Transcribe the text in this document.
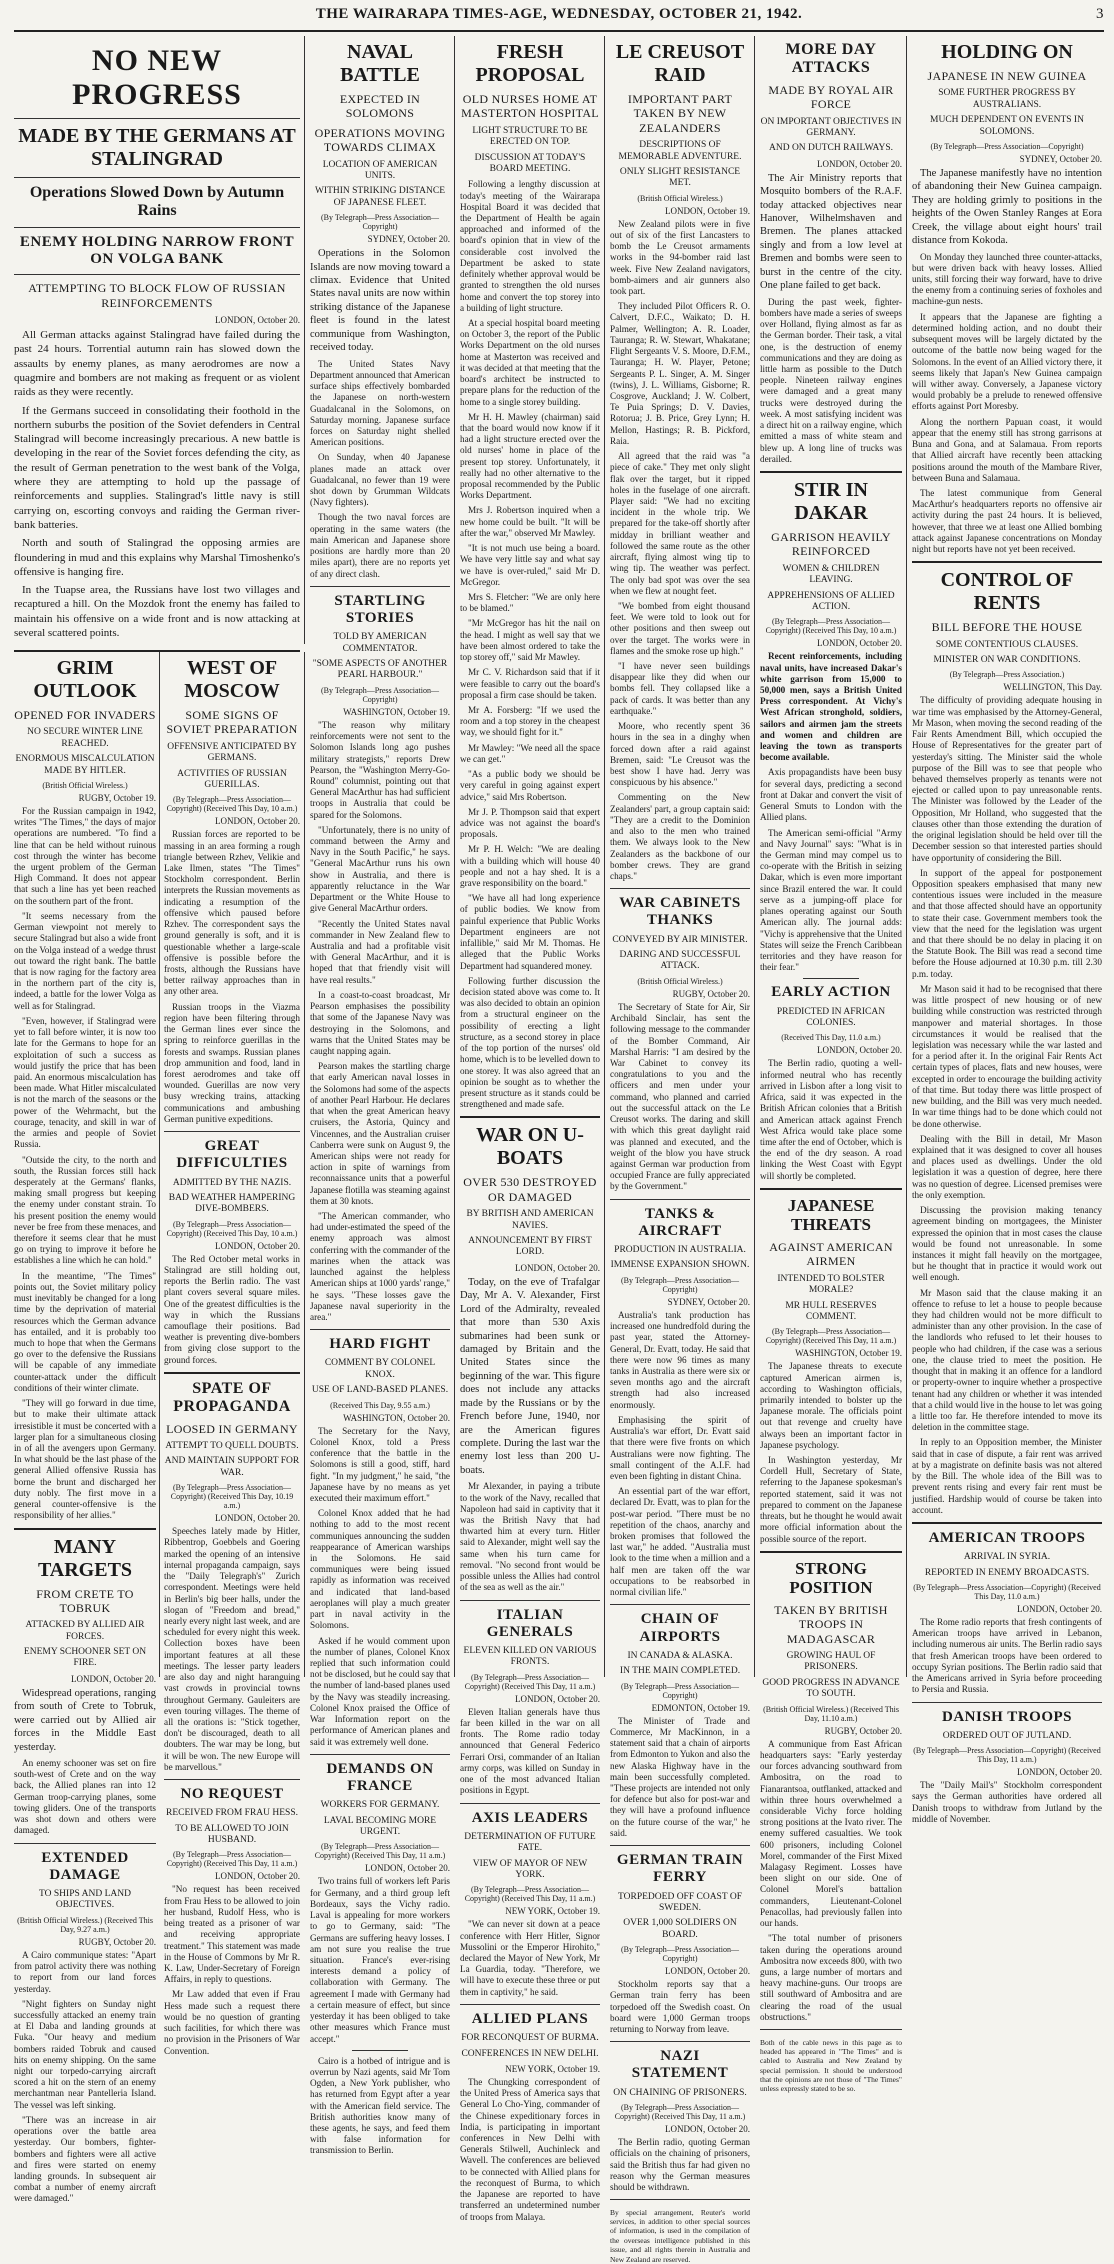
THE WAIRARAPA TIMES-AGE, WEDNESDAY, OCTOBER 21, 1942.	3
NO NEW PROGRESS
MADE BY THE GERMANS AT STALINGRAD
Operations Slowed Down by Autumn Rains
ENEMY HOLDING NARROW FRONT ON VOLGA BANK
ATTEMPTING TO BLOCK FLOW OF RUSSIAN REINFORCEMENTS
LONDON, October 20.

All German attacks against Stalingrad have failed during the past 24 hours. Torrential autumn rain has slowed down the assaults by enemy planes, as many aerodromes are now a quagmire and bombers are not making as frequent or as violent raids as they were recently.

If the Germans succeed in consolidating their foothold in the northern suburbs the position of the Soviet defenders in Central Stalingrad will become increasingly precarious. A new battle is developing in the rear of the Soviet forces defending the city, as the result of German penetration to the west bank of the Volga, where they are attempting to hold up the passage of reinforcements and supplies. Stalingrad's little navy is still carrying on, escorting convoys and raiding the German river-bank batteries.

North and south of Stalingrad the opposing armies are floundering in mud and this explains why Marshal Timoshenko's offensive is hanging fire.

In the Tuapse area, the Russians have lost two villages and recaptured a hill. On the Mozdok front the enemy has failed to maintain his offensive on a wide front and is now attacking at several scattered points.

GRIM OUTLOOK
OPENED FOR INVADERS
NO SECURE WINTER LINE REACHED.
ENORMOUS MISCALCULATION MADE BY HITLER.
(British Official Wireless.)
RUGBY, October 19.

For the Russian campaign in 1942, writes "The Times," the days of major operations are numbered. "To find a line that can be held without ruinous cost through the winter has become the urgent problem of the German High Command. It does not appear that such a line has yet been reached on the southern part of the front.

"It seems necessary from the German viewpoint not merely to secure Stalingrad but also a wide front on the Volga instead of a wedge thrust out toward the right bank. The battle that is now raging for the factory area in the northern part of the city is, indeed, a battle for the lower Volga as well as for Stalingrad.

"Even, however, if Stalingrad were yet to fall before winter, it is now too late for the Germans to hope for an exploitation of such a success as would justify the price that has been paid. An enormous miscalculation has been made. What Hitler miscalculated is not the march of the seasons or the power of the Wehrmacht, but the courage, tenacity, and skill in war of the armies and people of Soviet Russia.

"Outside the city, to the north and south, the Russian forces still hack desperately at the Germans' flanks, making small progress but keeping the enemy under constant strain. To his present position the enemy would never be free from these menaces, and therefore it seems clear that he must go on trying to improve it before he establishes a line which he can hold."

In the meantime, "The Times" points out, the Soviet military policy must inevitably be changed for a long time by the deprivation of material resources which the German advance has entailed, and it is probably too much to hope that when the Germans go over to the defensive the Russians will be capable of any immediate counter-attack under the difficult conditions of their winter climate.

"They will go forward in due time, but to make their ultimate attack irresistible it must be concerted with a larger plan for a simultaneous closing in of all the avengers upon Germany. In what should be the last phase of the general Allied offensive Russia has borne the brunt and discharged her duty nobly. The first move in a general counter-offensive is the responsibility of her allies."

MANY TARGETS
FROM CRETE TO TOBRUK
ATTACKED BY ALLIED AIR FORCES.
ENEMY SCHOONER SET ON FIRE.
LONDON, October 20.

Widespread operations, ranging from south of Crete to Tobruk, were carried out by Allied air forces in the Middle East yesterday.

An enemy schooner was set on fire south-west of Crete and on the way back, the Allied planes ran into 12 German troop-carrying planes, some towing gliders. One of the transports was shot down and others were damaged.

EXTENDED DAMAGE
TO SHIPS AND LAND OBJECTIVES.
(British Official Wireless.) (Received This Day, 9.27 a.m.)
RUGBY, October 20.

A Cairo communique states: "Apart from patrol activity there was nothing to report from our land forces yesterday.

"Night fighters on Sunday night successfully attacked an enemy train at El Daba and landing grounds at Fuka. "Our heavy and medium bombers raided Tobruk and caused hits on enemy shipping. On the same night our torpedo-carrying aircraft scored a hit on the stern of an enemy merchantman near Pantelleria Island. The vessel was left sinking.

"There was an increase in air operations over the battle area yesterday. Our bombers, fighter-bombers and fighters were all active and fires were started on enemy landing grounds. In subsequent air combat a number of enemy aircraft were damaged."

WEST OF MOSCOW
SOME SIGNS OF SOVIET PREPARATION
OFFENSIVE ANTICIPATED BY GERMANS.
ACTIVITIES OF RUSSIAN GUERILLAS.
(By Telegraph—Press Association—Copyright) (Received This Day, 10 a.m.)
LONDON, October 20.

Russian forces are reported to be massing in an area forming a rough triangle between Rzhev, Velikie and Lake Ilmen, states "The Times" Stockholm correspondent. Berlin interprets the Russian movements as indicating a resumption of the offensive which paused before Rzhev. The correspondent says the ground generally is soft, and it is questionable whether a large-scale offensive is possible before the frosts, although the Russians have better railway approaches than in any other area.

Russian troops in the Viazma region have been filtering through the German lines ever since the spring to reinforce guerillas in the forests and swamps. Russian planes drop ammunition and food, land in forest aerodromes and take off wounded. Guerillas are now very busy wrecking trains, attacking communications and ambushing German punitive expeditions.

GREAT DIFFICULTIES
ADMITTED BY THE NAZIS.
BAD WEATHER HAMPERING DIVE-BOMBERS.
(By Telegraph—Press Association—Copyright) (Received This Day, 10 a.m.)
LONDON, October 20.

The Red October metal works in Stalingrad are still holding out, reports the Berlin radio. The vast plant covers several square miles. One of the greatest difficulties is the way in which the Russians camouflage their positions. Bad weather is preventing dive-bombers from giving close support to the ground forces.

SPATE OF PROPAGANDA
LOOSED IN GERMANY
ATTEMPT TO QUELL DOUBTS.
AND MAINTAIN SUPPORT FOR WAR.
(By Telegraph—Press Association—Copyright) (Received This Day, 10.19 a.m.)
LONDON, October 20.

Speeches lately made by Hitler, Ribbentrop, Goebbels and Goering marked the opening of an intensive internal propaganda campaign, says the "Daily Telegraph's" Zurich correspondent. Meetings were held in Berlin's big beer halls, under the slogan of "Freedom and bread," nearly every night last week, and are scheduled for every night this week. Collection boxes have been important features at all these meetings. The lesser party leaders are also day and night haranguing vast crowds in provincial towns throughout Germany. Gauleiters are even touring villages. The theme of all the orations is: "Stick together, don't be discouraged, death to all doubters. The war may be long, but it will be won. The new Europe will be marvellous."

NO REQUEST
RECEIVED FROM FRAU HESS.
TO BE ALLOWED TO JOIN HUSBAND.
(By Telegraph—Press Association—Copyright) (Received This Day, 11 a.m.)
LONDON, October 20.

"No request has been received from Frau Hess to be allowed to join her husband, Rudolf Hess, who is being treated as a prisoner of war and receiving appropriate treatment." This statement was made in the House of Commons by Mr R. K. Law, Under-Secretary of Foreign Affairs, in reply to questions.

Mr Law added that even if Frau Hess made such a request there would be no question of granting such facilities, for which there was no provision in the Prisoners of War Convention.

NAVAL BATTLE
EXPECTED IN SOLOMONS
OPERATIONS MOVING TOWARDS CLIMAX
LOCATION OF AMERICAN UNITS.
WITHIN STRIKING DISTANCE OF JAPANESE FLEET.
(By Telegraph—Press Association—Copyright)
SYDNEY, October 20.

Operations in the Solomon Islands are now moving toward a climax. Evidence that United States naval units are now within striking distance of the Japanese fleet is found in the latest communique from Washington, received today.

The United States Navy Department announced that American surface ships effectively bombarded the Japanese on north-western Guadalcanal in the Solomons, on Saturday morning. Japanese surface forces on Saturday night shelled American positions.

On Sunday, when 40 Japanese planes made an attack over Guadalcanal, no fewer than 19 were shot down by Grumman Wildcats (Navy fighters).

Though the two naval forces are operating in the same waters (the main American and Japanese shore positions are hardly more than 20 miles apart), there are no reports yet of any direct clash.

STARTLING STORIES
TOLD BY AMERICAN COMMENTATOR.
"SOME ASPECTS OF ANOTHER PEARL HARBOUR."
(By Telegraph—Press Association—Copyright)
WASHINGTON, October 19.

"The reason why military reinforcements were not sent to the Solomon Islands long ago pushes military strategists," reports Drew Pearson, the "Washington Merry-Go-Round" columnist, pointing out that General MacArthur has had sufficient troops in Australia that could be spared for the Solomons.

"Unfortunately, there is no unity of command between the Army and Navy in the South Pacific," he says. "General MacArthur runs his own show in Australia, and there is apparently reluctance in the War Department or the White House to give General MacArthur orders.

"Recently the United States naval commander in New Zealand flew to Australia and had a profitable visit with General MacArthur, and it is hoped that that friendly visit will have real results."

In a coast-to-coast broadcast, Mr Pearson emphasises the possibility that some of the Japanese Navy was destroying in the Solomons, and warns that the United States may be caught napping again.

Pearson makes the startling charge that early American naval losses in the Solomons had some of the aspects of another Pearl Harbour. He declares that when the great American heavy cruisers, the Astoria, Quincy and Vincennes, and the Australian cruiser Canberra were sunk on August 9, the American ships were not ready for action in spite of warnings from reconnaissance units that a powerful Japanese flotilla was steaming against them at 30 knots.

"The American commander, who had under-estimated the speed of the enemy approach was almost conferring with the commander of the marines when the attack was launched against the helpless American ships at 1000 yards' range," he says. "These losses gave the Japanese naval superiority in the area."

HARD FIGHT
COMMENT BY COLONEL KNOX.
USE OF LAND-BASED PLANES.
(Received This Day, 9.55 a.m.)
WASHINGTON, October 20.

The Secretary for the Navy, Colonel Knox, told a Press conference that the battle in the Solomons is still a good, stiff, hard fight. "In my judgment," he said, "the Japanese have by no means as yet executed their maximum effort."

Colonel Knox added that he had nothing to add to the most recent communiques announcing the sudden reappearance of American warships in the Solomons. He said communiques were being issued rapidly as information was received and indicated that land-based aeroplanes will play a much greater part in naval activity in the Solomons.

Asked if he would comment upon the number of planes, Colonel Knox replied that such information could not be disclosed, but he could say that the number of land-based planes used by the Navy was steadily increasing. Colonel Knox praised the Office of War Information report on the performance of American planes and said it was extremely well done.

DEMANDS ON FRANCE
WORKERS FOR GERMANY.
LAVAL BECOMING MORE URGENT.
(By Telegraph—Press Association—Copyright) (Received This Day, 11 a.m.)
LONDON, October 20.

Two trains full of workers left Paris for Germany, and a third group left Bordeaux, says the Vichy radio. Laval is appealing for more workers to go to Germany, said: "The Germans are suffering heavy losses. I am not sure you realise the true situation. France's ever-rising interests demand a policy of collaboration with Germany. The agreement I made with Germany had a certain measure of effect, but since yesterday it has been obliged to take other measures which France must accept."

Cairo is a hotbed of intrigue and is overrun by Nazi agents, said Mr Tom Ogden, a New York publisher, who has returned from Egypt after a year with the American field service. The British authorities know many of these agents, he says, and feed them with false information for transmission to Berlin.

FRESH PROPOSAL
OLD NURSES HOME AT MASTERTON HOSPITAL
LIGHT STRUCTURE TO BE ERECTED ON TOP.
DISCUSSION AT TODAY'S BOARD MEETING.

Following a lengthy discussion at today's meeting of the Wairarapa Hospital Board it was decided that the Department of Health be again approached and informed of the board's opinion that in view of the considerable cost involved the Department be asked to state definitely whether approval would be granted to strengthen the old nurses home and convert the top storey into a building of light structure.

At a special hospital board meeting on October 3, the report of the Public Works Department on the old nurses home at Masterton was received and it was decided at that meeting that the board's architect be instructed to prepare plans for the reduction of the home to a single storey building.

Mr H. H. Mawley (chairman) said that the board would now know if it had a light structure erected over the old nurses' home in place of the present top storey. Unfortunately, it really had no other alternative to the proposal recommended by the Public Works Department.

Mrs J. Robertson inquired when a new home could be built. "It will be after the war," observed Mr Mawley.

"It is not much use being a board. We have very little say and what say we have is over-ruled," said Mr D. McGregor.

Mrs S. Fletcher: "We are only here to be blamed."

"Mr McGregor has hit the nail on the head. I might as well say that we have been almost ordered to take the top storey off," said Mr Mawley.

Mr C. V. Richardson said that if it were feasible to carry out the board's proposal a firm case should be taken.

Mr A. Forsberg: "If we used the room and a top storey in the cheapest way, we should fight for it."

Mr Mawley: "We need all the space we can get."

"As a public body we should be very careful in going against expert advice," said Mrs Robertson.

Mr J. P. Thompson said that expert advice was not against the board's proposals.

Mr P. H. Welch: "We are dealing with a building which will house 40 people and not a hay shed. It is a grave responsibility on the board."

"We have all had long experience of public bodies. We know from painful experience that Public Works Department engineers are not infallible," said Mr M. Thomas. He alleged that the Public Works Department had squandered money.

Following further discussion the decision stated above was come to. It was also decided to obtain an opinion from a structural engineer on the possibility of erecting a light structure, as a second storey in place of the top portion of the nurses' old home, which is to be levelled down to one storey. It was also agreed that an opinion be sought as to whether the present structure as it stands could be strengthened and made safe.

WAR ON U-BOATS
OVER 530 DESTROYED OR DAMAGED
BY BRITISH AND AMERICAN NAVIES.
ANNOUNCEMENT BY FIRST LORD.
LONDON, October 20.

Today, on the eve of Trafalgar Day, Mr A. V. Alexander, First Lord of the Admiralty, revealed that more than 530 Axis submarines had been sunk or damaged by Britain and the United States since the beginning of the war. This figure does not include any attacks made by the Russians or by the French before June, 1940, nor are the American figures complete. During the last war the enemy lost less than 200 U-boats.

Mr Alexander, in paying a tribute to the work of the Navy, recalled that Napoleon had said in captivity that it was the British Navy that had thwarted him at every turn. Hitler said to Alexander, might well say the same when his turn came for removal. "No second front would be possible unless the Allies had control of the sea as well as the air."

ITALIAN GENERALS
ELEVEN KILLED ON VARIOUS FRONTS.
(By Telegraph—Press Association—Copyright) (Received This Day, 11 a.m.)
LONDON, October 20.

Eleven Italian generals have thus far been killed in the war on all fronts. The Rome radio today announced that General Federico Ferrari Orsi, commander of an Italian army corps, was killed on Sunday in one of the most advanced Italian positions in Egypt.

AXIS LEADERS
DETERMINATION OF FUTURE FATE.
VIEW OF MAYOR OF NEW YORK.
(By Telegraph—Press Association—Copyright) (Received This Day, 11 a.m.)
NEW YORK, October 19.

"We can never sit down at a peace conference with Herr Hitler, Signor Mussolini or the Emperor Hirohito," declared the Mayor of New York, Mr La Guardia, today. "Therefore, we will have to execute these three or put them in captivity," he said.

ALLIED PLANS
FOR RECONQUEST OF BURMA.
CONFERENCES IN NEW DELHI.
NEW YORK, October 19.

The Chungking correspondent of the United Press of America says that General Lo Cho-Ying, commander of the Chinese expeditionary forces in India, is participating in important conferences in New Delhi with Generals Stilwell, Auchinleck and Wavell. The conferences are believed to be connected with Allied plans for the reconquest of Burma, to which the Japanese are reported to have transferred an undetermined number of troops from Malaya.

LE CREUSOT RAID
IMPORTANT PART TAKEN BY NEW ZEALANDERS
DESCRIPTIONS OF MEMORABLE ADVENTURE.
ONLY SLIGHT RESISTANCE MET.
(British Official Wireless.)
LONDON, October 19.

New Zealand pilots were in five out of six of the first Lancasters to bomb the Le Creusot armaments works in the 94-bomber raid last week. Five New Zealand navigators, bomb-aimers and air gunners also took part.

They included Pilot Officers R. O. Calvert, D.F.C., Waikato; D. H. Palmer, Wellington; A. R. Loader, Tauranga; R. W. Stewart, Whakatane; Flight Sergeants V. S. Moore, D.F.M., Tauranga; H. W. Player, Petone; Sergeants P. L. Singer, A. M. Singer (twins), J. L. Williams, Gisborne; R. Cosgrove, Auckland; J. W. Colbert, Te Puia Springs; D. V. Davies, Rotorua; J. B. Price, Grey Lynn; H. Mellon, Hastings; R. B. Pickford, Raia.

All agreed that the raid was "a piece of cake." They met only slight flak over the target, but it ripped holes in the fuselage of one aircraft. Player said: "We had no exciting incident in the whole trip. We prepared for the take-off shortly after midday in brilliant weather and followed the same route as the other aircraft, flying almost wing tip to wing tip. The weather was perfect. The only bad spot was over the sea when we flew at nought feet.

"We bombed from eight thousand feet. We were told to look out for other positions and then sweep out over the target. The works were in flames and the smoke rose up high."

"I have never seen buildings disappear like they did when our bombs fell. They collapsed like a pack of cards. It was better than any earthquake."

Moore, who recently spent 36 hours in the sea in a dinghy when forced down after a raid against Bremen, said: "Le Creusot was the best show I have had. Jerry was conspicuous by his absence."

Commenting on the New Zealanders' part, a group captain said: "They are a credit to the Dominion and also to the men who trained them. We always look to the New Zealanders as the backbone of our bomber crews. They are grand chaps."

WAR CABINETS THANKS
CONVEYED BY AIR MINISTER.
DARING AND SUCCESSFUL ATTACK.
(British Official Wireless.)
RUGBY, October 20.

The Secretary of State for Air, Sir Archibald Sinclair, has sent the following message to the commander of the Bomber Command, Air Marshal Harris: "I am desired by the War Cabinet to convey its congratulations to you and the officers and men under your command, who planned and carried out the successful attack on the Le Creusot works. The daring and skill with which this great daylight raid was planned and executed, and the weight of the blow you have struck against German war production from occupied France are fully appreciated by the Government."

TANKS & AIRCRAFT
PRODUCTION IN AUSTRALIA.
IMMENSE EXPANSION SHOWN.
(By Telegraph—Press Association—Copyright)
SYDNEY, October 20.

Australia's tank production has increased one hundredfold during the past year, stated the Attorney-General, Dr. Evatt, today. He said that there were now 96 times as many tanks in Australia as there were six or seven months ago and the aircraft strength had also increased enormously.

Emphasising the spirit of Australia's war effort, Dr. Evatt said that there were five fronts on which Australians were now fighting. The small contingent of the A.I.F. had even been fighting in distant China.

An essential part of the war effort, declared Dr. Evatt, was to plan for the post-war period. "There must be no repetition of the chaos, anarchy and broken promises that followed the last war," he added. "Australia must look to the time when a million and a half men are taken off the war occupations to be reabsorbed in normal civilian life."

CHAIN OF AIRPORTS
IN CANADA & ALASKA.
IN THE MAIN COMPLETED.
(By Telegraph—Press Association—Copyright)
EDMONTON, October 19.

The Minister of Trade and Commerce, Mr MacKinnon, in a statement said that a chain of airports from Edmonton to Yukon and also the new Alaska Highway have in the main been successfully completed. "These projects are intended not only for defence but also for post-war and they will have a profound influence on the future course of the war," he said.

GERMAN TRAIN FERRY
TORPEDOED OFF COAST OF SWEDEN.
OVER 1,000 SOLDIERS ON BOARD.
(By Telegraph—Press Association—Copyright)
LONDON, October 20.

Stockholm reports say that a German train ferry has been torpedoed off the Swedish coast. On board were 1,000 German troops returning to Norway from leave.

NAZI STATEMENT
ON CHAINING OF PRISONERS.
(By Telegraph—Press Association—Copyright) (Received This Day, 11 a.m.)
LONDON, October 20.

The Berlin radio, quoting German officials on the chaining of prisoners, said the British thus far had given no reason why the German measures should be withdrawn.

By special arrangement, Reuter's world services, in addition to other special sources of information, is used in the compilation of the overseas intelligence published in this issue, and all rights therein in Australia and New Zealand are reserved.

MORE DAY ATTACKS
MADE BY ROYAL AIR FORCE
ON IMPORTANT OBJECTIVES IN GERMANY.
AND ON DUTCH RAILWAYS.
LONDON, October 20.

The Air Ministry reports that Mosquito bombers of the R.A.F. today attacked objectives near Hanover, Wilhelmshaven and Bremen. The planes attacked singly and from a low level at Bremen and bombs were seen to burst in the centre of the city. One plane failed to get back.

During the past week, fighter-bombers have made a series of sweeps over Holland, flying almost as far as the German border. Their task, a vital one, is the destruction of enemy communications and they are doing as little harm as possible to the Dutch people. Nineteen railway engines were damaged and a great many trucks were destroyed during the week. A most satisfying incident was a direct hit on a railway engine, which emitted a mass of white steam and blew up. A long line of trucks was derailed.

STIR IN DAKAR
GARRISON HEAVILY REINFORCED
WOMEN & CHILDREN LEAVING.
APPREHENSIONS OF ALLIED ACTION.
(By Telegraph—Press Association—Copyright) (Received This Day, 10 a.m.)
LONDON, October 20.

Recent reinforcements, including naval units, have increased Dakar's white garrison from 15,000 to 50,000 men, says a British United Press correspondent. At Vichy's West African stronghold, soldiers, sailors and airmen jam the streets and women and children are leaving the town as transports become available.

Axis propagandists have been busy for several days, predicting a second front at Dakar and convert the visit of General Smuts to London with the Allied plans.

The American semi-official "Army and Navy Journal" says: "What is in the German mind may compel us to co-operate with the British in seizing Dakar, which is even more important since Brazil entered the war. It could serve as a jumping-off place for planes operating against our South American ally. The journal adds: "Vichy is apprehensive that the United States will seize the French Caribbean territories and they have reason for their fear."

EARLY ACTION
PREDICTED IN AFRICAN COLONIES.
(Received This Day, 11.0 a.m.)
LONDON, October 20.

The Berlin radio, quoting a well-informed neutral who has recently arrived in Lisbon after a long visit to Africa, said it was expected in the British African colonies that a British and American attack against French West Africa would take place some time after the end of October, which is the end of the dry season. A road linking the West Coast with Egypt will shortly be completed.

JAPANESE THREATS
AGAINST AMERICAN AIRMEN
INTENDED TO BOLSTER MORALE?
MR HULL RESERVES COMMENT.
(By Telegraph—Press Association—Copyright) (Received This Day, 11 a.m.)
WASHINGTON, October 19.

The Japanese threats to execute captured American airmen is, according to Washington officials, primarily intended to bolster up the Japanese morale. The officials point out that revenge and cruelty have always been an important factor in Japanese psychology.

In Washington yesterday, Mr Cordell Hull, Secretary of State, referring to the Japanese spokesman's reported statement, said it was not prepared to comment on the Japanese threats, but he thought he would await more official information about the possible source of the report.

STRONG POSITION
TAKEN BY BRITISH TROOPS IN MADAGASCAR
GROWING HAUL OF PRISONERS.
GOOD PROGRESS IN ADVANCE TO SOUTH.
(British Official Wireless.) (Received This Day, 11.10 a.m.)
RUGBY, October 20.

A communique from East African headquarters says: "Early yesterday our forces advancing southward from Ambositra, on the road to Fianarantsoa, outflanked, attacked and within three hours overwhelmed a considerable Vichy force holding strong positions at the Ivato river. The enemy suffered casualties. We took 600 prisoners, including Colonel Morel, commander of the First Mixed Malagasy Regiment. Losses have been slight on our side. One of Colonel Morel's battalion commanders, Lieutenant-Colonel Penacollas, had previously fallen into our hands.

"The total number of prisoners taken during the operations around Ambositra now exceeds 800, with two guns, a large number of mortars and heavy machine-guns. Our troops are still southward of Ambositra and are clearing the road of the usual obstructions."

Both of the cable news in this page as to headed has appeared in "The Times" and is cabled to Australia and New Zealand by special permission. It should be understood that the opinions are not those of "The Times" unless expressly stated to be so.

HOLDING ON
JAPANESE IN NEW GUINEA
SOME FURTHER PROGRESS BY AUSTRALIANS.
MUCH DEPENDENT ON EVENTS IN SOLOMONS.
(By Telegraph—Press Association—Copyright)
SYDNEY, October 20.

The Japanese manifestly have no intention of abandoning their New Guinea campaign. They are holding grimly to positions in the heights of the Owen Stanley Ranges at Eora Creek, the village about eight hours' trail distance from Kokoda.

On Monday they launched three counter-attacks, but were driven back with heavy losses. Allied units, still forcing their way forward, have to drive the enemy from a continuing series of foxholes and machine-gun nests.

It appears that the Japanese are fighting a determined holding action, and no doubt their subsequent moves will be largely dictated by the outcome of the battle now being waged for the Solomons. In the event of an Allied victory there, it seems likely that Japan's New Guinea campaign will wither away. Conversely, a Japanese victory would probably be a prelude to renewed offensive efforts against Port Moresby.

Along the northern Papuan coast, it would appear that the enemy still has strong garrisons at Buna and Gona, and at Salamaua. From reports that Allied aircraft have recently been attacking positions around the mouth of the Mambare River, between Buna and Salamaua.

The latest communique from General MacArthur's headquarters reports no offensive air activity during the past 24 hours. It is believed, however, that three we at least one Allied bombing attack against Japanese concentrations on Monday night but reports have not yet been received.

CONTROL OF RENTS
BILL BEFORE THE HOUSE
SOME CONTENTIOUS CLAUSES.
MINISTER ON WAR CONDITIONS.
(By Telegraph—Press Association.)
WELLINGTON, This Day.

The difficulty of providing adequate housing in war time was emphasised by the Attorney-General, Mr Mason, when moving the second reading of the Fair Rents Amendment Bill, which occupied the House of Representatives for the greater part of yesterday's sitting. The Minister said the whole purpose of the Bill was to see that people who behaved themselves properly as tenants were not ejected or called upon to pay unreasonable rents. The Minister was followed by the Leader of the Opposition, Mr Holland, who suggested that the clauses other than those extending the duration of the original legislation should be held over till the December session so that interested parties should have opportunity of considering the Bill.

In support of the appeal for postponement Opposition speakers emphasised that many new contentious issues were included in the measure and that those affected should have an opportunity to state their case. Government members took the view that the need for the legislation was urgent and that there should be no delay in placing it on the Statute Book. The Bill was read a second time before the House adjourned at 10.30 p.m. till 2.30 p.m. today.

Mr Mason said it had to be recognised that there was little prospect of new housing or of new building while construction was restricted through manpower and material shortages. In those circumstances it would be realised that the legislation was necessary while the war lasted and for a period after it. In the original Fair Rents Act certain types of places, flats and new houses, were excepted in order to encourage the building activity of that time. But today there was little prospect of new building, and the Bill was very much needed. In war time things had to be done which could not be done otherwise.

Dealing with the Bill in detail, Mr Mason explained that it was designed to cover all houses and places used as dwellings. Under the old legislation it was a question of degree, here there was no question of degree. Licensed premises were the only exemption.

Discussing the provision making tenancy agreement binding on mortgagees, the Minister expressed the opinion that in most cases the clause would be found not unreasonable. In some instances it might fall heavily on the mortgagee, but he thought that in practice it would work out well enough.

Mr Mason said that the clause making it an offence to refuse to let a house to people because they had children would not be more difficult to administer than any other provision. In the case of the landlords who refused to let their houses to people who had children, if the case was a serious one, the clause tried to meet the position. He thought that in making it an offence for a landlord or property-owner to inquire whether a prospective tenant had any children or whether it was intended that a child would live in the house to let was going a little too far. He therefore intended to move its deletion in the committee stage.

In reply to an Opposition member, the Minister said that in case of dispute, a fair rent was arrived at by a magistrate on definite basis was not altered by the Bill. The whole idea of the Bill was to prevent rents rising and every fair rent must be justified. Hardship would of course be taken into account.

AMERICAN TROOPS
ARRIVAL IN SYRIA.
REPORTED IN ENEMY BROADCASTS.
(By Telegraph—Press Association—Copyright) (Received This Day, 11.0 a.m.)
LONDON, October 20.

The Rome radio reports that fresh contingents of American troops have arrived in Lebanon, including numerous air units. The Berlin radio says that fresh American troops have been ordered to occupy Syrian positions. The Berlin radio said that the Americans arrived in Syria before proceeding to Persia and Russia.

DANISH TROOPS
ORDERED OUT OF JUTLAND.
(By Telegraph—Press Association—Copyright) (Received This Day, 11 a.m.)
LONDON, October 20.

The "Daily Mail's" Stockholm correspondent says the German authorities have ordered all Danish troops to withdraw from Jutland by the middle of November.
